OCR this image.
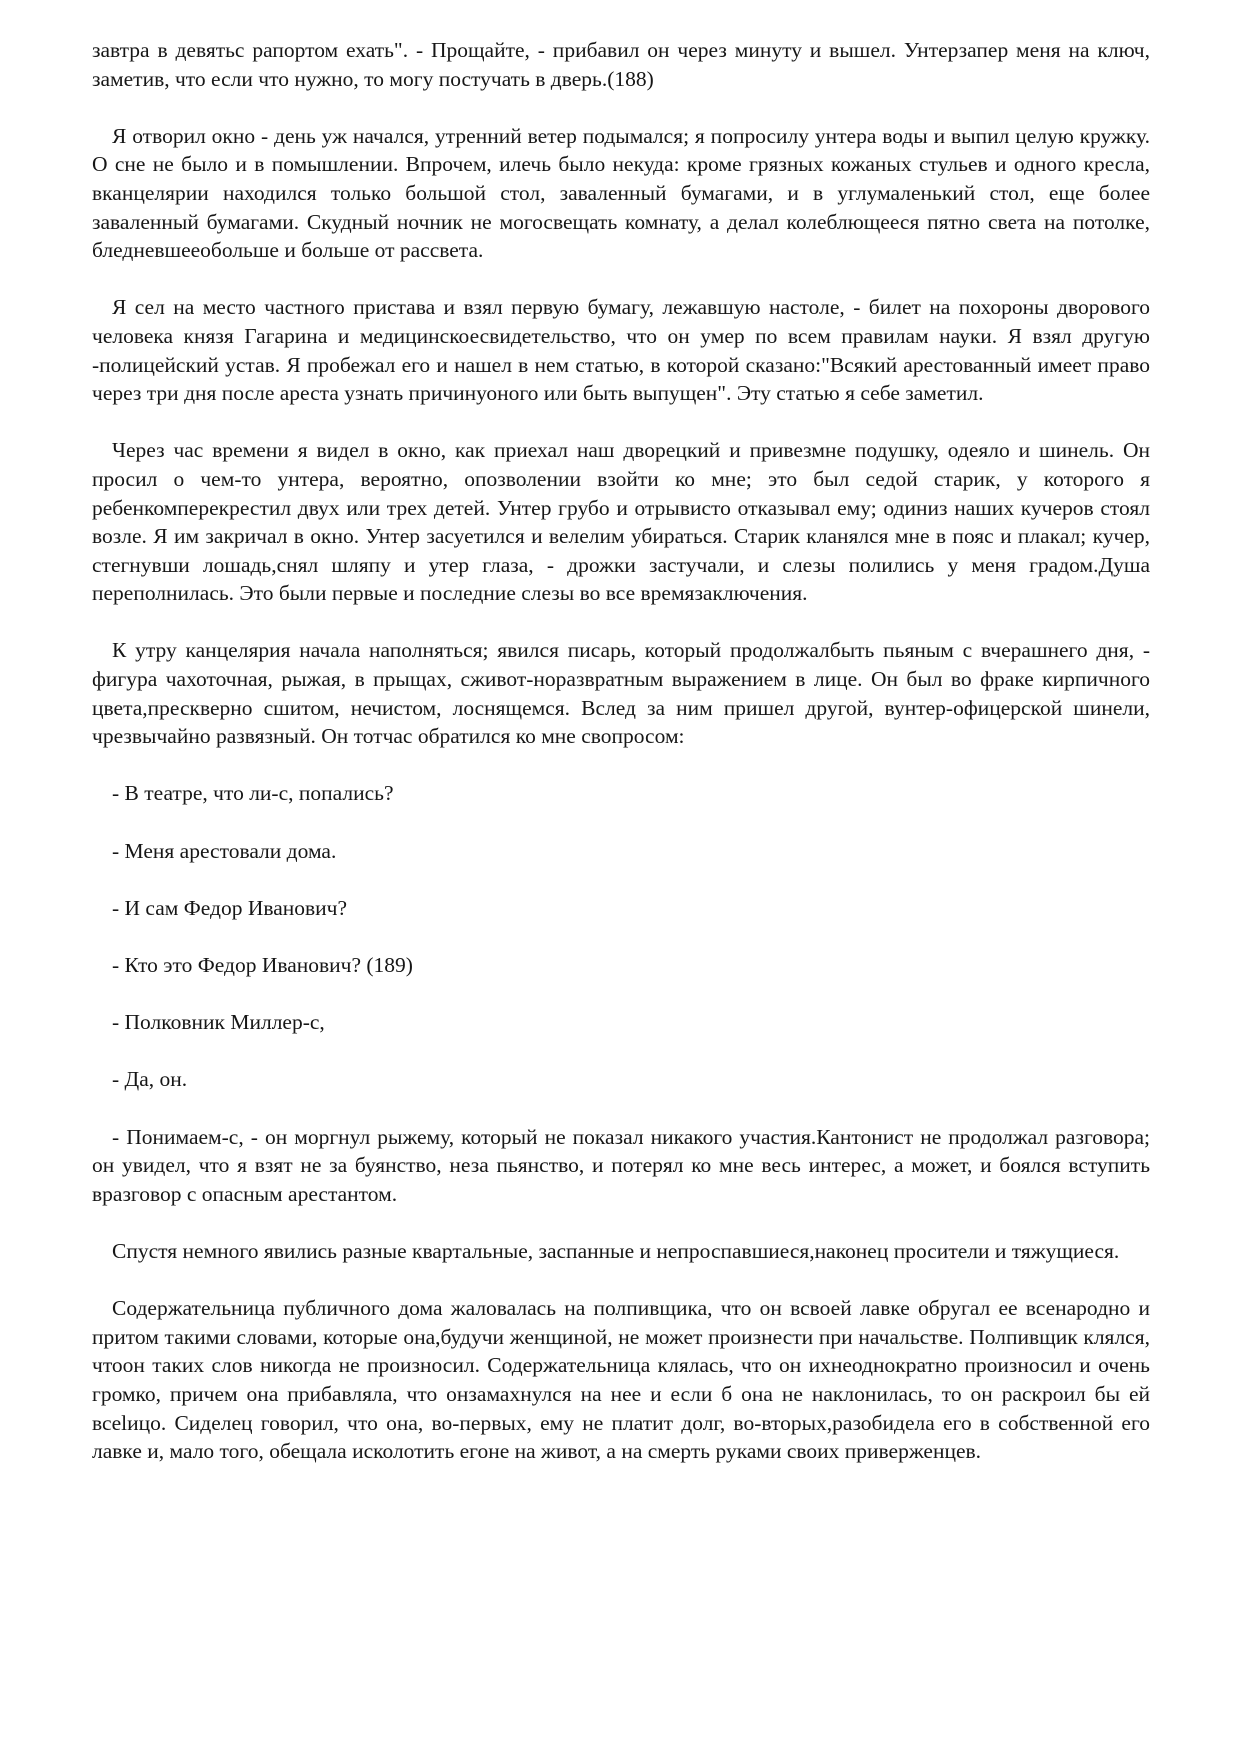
завтра в девятьс рапортом ехать". - Прощайте, - прибавил он через минуту и вышел. Унтерзапер меня на ключ, заметив, что если что нужно, то могу постучать в дверь.(188)

Я отворил окно - день уж начался, утренний ветер подымался; я попросилу унтера воды и выпил целую кружку. О сне не было и в помышлении. Впрочем, илечь было некуда: кроме грязных кожаных стульев и одного кресла, вканцелярии находился только большой стол, заваленный бумагами, и в углумаленький стол, еще более заваленный бумагами. Скудный ночник не могосвещать комнату, а делал колеблющееся пятно света на потолке, бледневшееобольше и больше от рассвета.

Я сел на место частного пристава и взял первую бумагу, лежавшую настоле, - билет на похороны дворового человека князя Гагарина и медицинскоесвидетельство, что он умер по всем правилам науки. Я взял другую -полицейский устав. Я пробежал его и нашел в нем статью, в которой сказано:"Всякий арестованный имеет право через три дня после ареста узнать причинуоного или быть выпущен". Эту статью я себе заметил.

Через час времени я видел в окно, как приехал наш дворецкий и привезмне подушку, одеяло и шинель. Он просил о чем-то унтера, вероятно, опозволении взойти ко мне; это был седой старик, у которого я ребенкомперекрестил двух или трех детей. Унтер грубо и отрывисто отказывал ему; одиниз наших кучеров стоял возле. Я им закричал в окно. Унтер засуетился и велелим убираться. Старик кланялся мне в пояс и плакал; кучер, стегнувши лошадь,снял шляпу и утер глаза, - дрожки застучали, и слезы полились у меня градом.Душа переполнилась. Это были первые и последние слезы во все времязаключения.

К утру канцелярия начала наполняться; явился писарь, который продолжалбыть пьяным с вчерашнего дня, - фигура чахоточная, рыжая, в прыщах, сживот-норазвратным выражением в лице. Он был во фраке кирпичного цвета,прескверно сшитом, нечистом, лоснящемся. Вслед за ним пришел другой, вунтер-офицерской шинели, чрезвычайно развязный. Он тотчас обратился ко мне свопросом:

- В театре, что ли-с, попались?

- Меня арестовали дома.

- И сам Федор Иванович?

- Кто это Федор Иванович? (189)

- Полковник Миллер-с,

- Да, он.

- Понимаем-с, - он моргнул рыжему, который не показал никакого участия.Кантонист не продолжал разговора; он увидел, что я взят не за буянство, неза пьянство, и потерял ко мне весь интерес, а может, и боялся вступить вразговор с опасным арестантом.

Спустя немного явились разные квартальные, заспанные и непроспавшиеся,наконец просители и тяжущиеся.

Содержательница публичного дома жаловалась на полпивщика, что он всвоей лавке обругал ее всенародно и притом такими словами, которые она,будучи женщиной, не может произнести при начальстве. Полпивщик клялся, чтоон таких слов никогда не произносил. Содержательница клялась, что он ихнеоднократно произносил и очень громко, причем она прибавляла, что онзамахнулся на нее и если б она не наклонилась, то он раскроил бы ей всelицо. Сиделец говорил, что она, во-первых, ему не платит долг, во-вторых,разобидела его в собственной его лавке и, мало того, обещала исколотить егоне на живот, а на смерть руками своих приверженцев.
